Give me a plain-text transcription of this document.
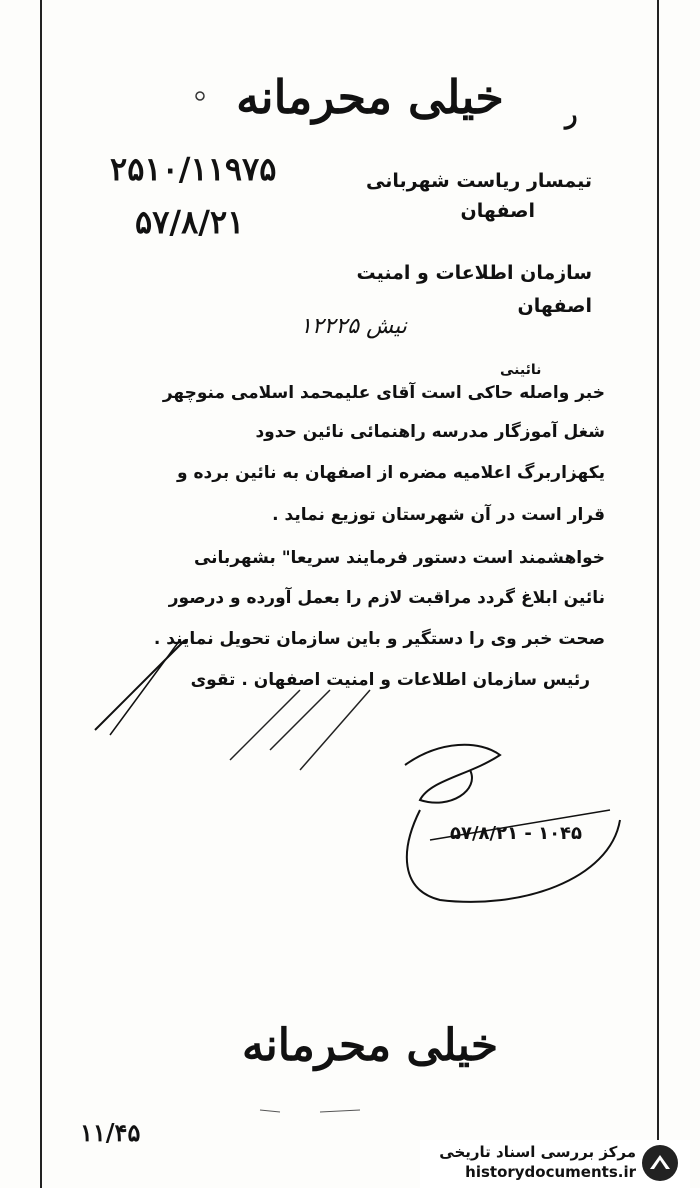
خیلی محرمانه ر
۲۵۱۰/۱۱۹۷۵
۵۷/۸/۲۱
تیمسار ریاست شهربانی
اصفهان
سازمان اطلاعات و امنیت
اصفهان
نیش ۱۲۲۲۵
نائینی
خبر واصله حاکی است آقای علیمحمد اسلامی منوچهر
شغل آموزگار مدرسه راهنمائی نائین حدود
یکهزاربرگ اعلامیه مضره از اصفهان به نائین برده و
قرار است در آن شهرستان توزیع نماید .
خواهشمند است دستور فرمایند سریعا" بشهربانی
نائین ابلاغ گردد مراقبت لازم را بعمل آورده و درصور
صحت خبر وی را دستگیر و باین سازمان تحویل نمایند .
رئیس سازمان اطلاعات و امنیت اصفهان . تقوی
۵۷/۸/۲۱ - ۱۰۴۵
خیلی محرمانه
۱۱/۴۵
مرکز بررسی اسناد تاریخی
historydocuments.ir
